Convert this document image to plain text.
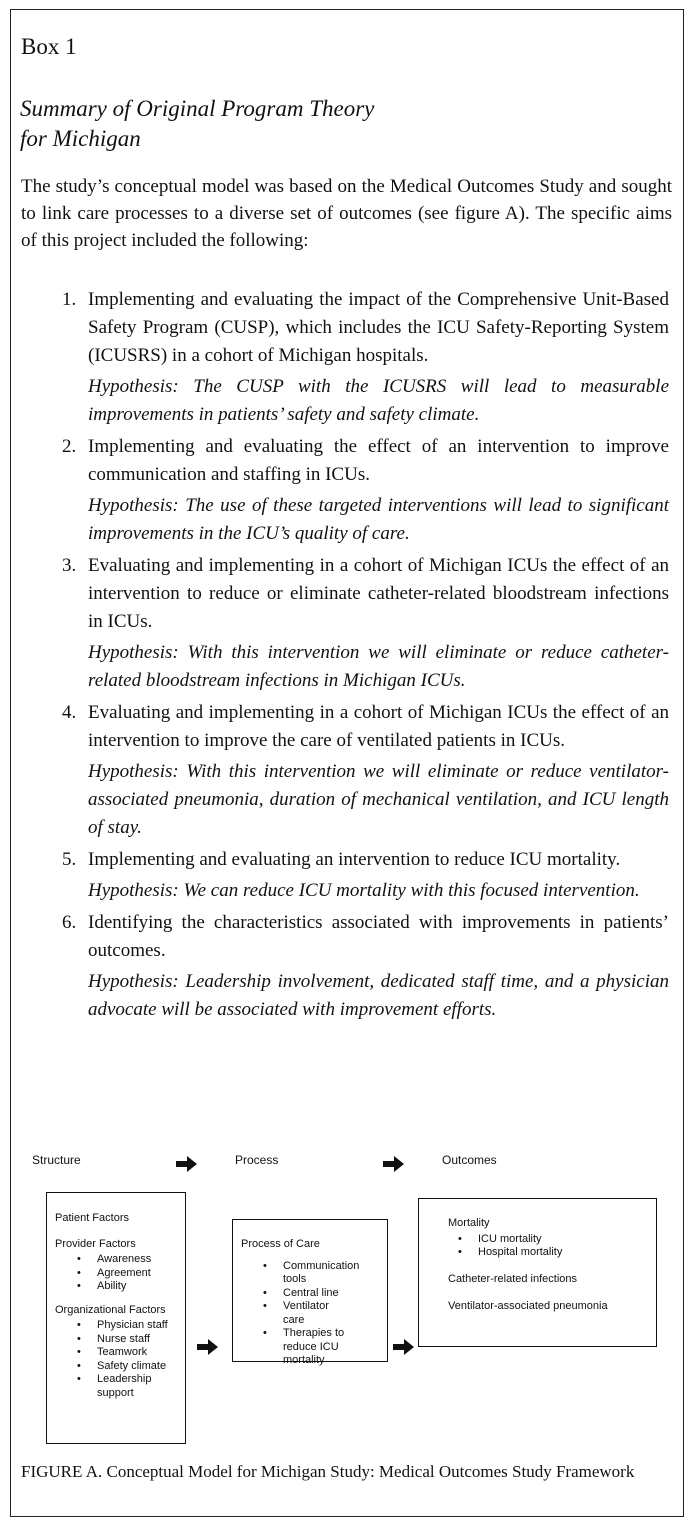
Box 1
Summary of Original Program Theory
for Michigan
The study’s conceptual model was based on the Medical Outcomes Study and sought to link care processes to a diverse set of outcomes (see figure A). The specific aims of this project included the following:
1. Implementing and evaluating the impact of the Comprehensive Unit-Based Safety Program (CUSP), which includes the ICU Safety-Reporting System (ICUSRS) in a cohort of Michigan hospitals.
Hypothesis: The CUSP with the ICUSRS will lead to measurable improvements in patients’ safety and safety climate.
2. Implementing and evaluating the effect of an intervention to improve communication and staffing in ICUs.
Hypothesis: The use of these targeted interventions will lead to significant improvements in the ICU’s quality of care.
3. Evaluating and implementing in a cohort of Michigan ICUs the effect of an intervention to reduce or eliminate catheter-related bloodstream infections in ICUs.
Hypothesis: With this intervention we will eliminate or reduce catheter-related bloodstream infections in Michigan ICUs.
4. Evaluating and implementing in a cohort of Michigan ICUs the effect of an intervention to improve the care of ventilated patients in ICUs.
Hypothesis: With this intervention we will eliminate or reduce ventilator-associated pneumonia, duration of mechanical ventilation, and ICU length of stay.
5. Implementing and evaluating an intervention to reduce ICU mortality.
Hypothesis: We can reduce ICU mortality with this focused intervention.
6. Identifying the characteristics associated with improvements in patients’ outcomes.
Hypothesis: Leadership involvement, dedicated staff time, and a physician advocate will be associated with improvement efforts.
Structure	Process	Outcomes
Patient Factors
Provider Factors
• Awareness
• Agreement
• Ability
Organizational Factors
• Physician staff
• Nurse staff
• Teamwork
• Safety climate
• Leadership support
Process of Care
• Communication tools
• Central line
• Ventilator care
• Therapies to reduce ICU mortality
Mortality
• ICU mortality
• Hospital mortality
Catheter-related infections
Ventilator-associated pneumonia
FIGURE A. Conceptual Model for Michigan Study: Medical Outcomes Study Framework
